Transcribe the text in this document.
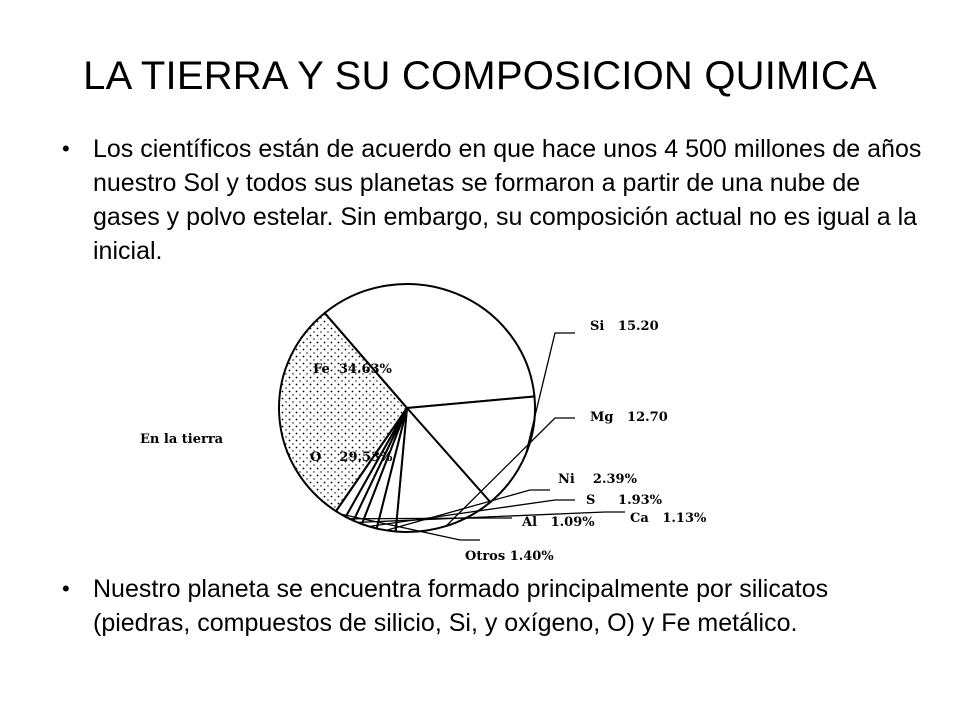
LA TIERRA Y SU COMPOSICION QUIMICA
• Los científicos están de acuerdo en que hace unos 4 500 millones de años nuestro Sol y todos sus planetas se formaron a partir de una nube de gases y polvo estelar. Sin embargo, su composición actual no es igual a la inicial.
Fe  34.63%
Si   15.20
Mg   12.70
Ni    2.39%
S     1.93%
Ca   1.13%
Al   1.09%
Otros 1.40%
O    29.53%
En la tierra
• Nuestro planeta se encuentra formado principalmente por silicatos (piedras, compuestos de silicio, Si, y oxígeno, O) y Fe metálico.
